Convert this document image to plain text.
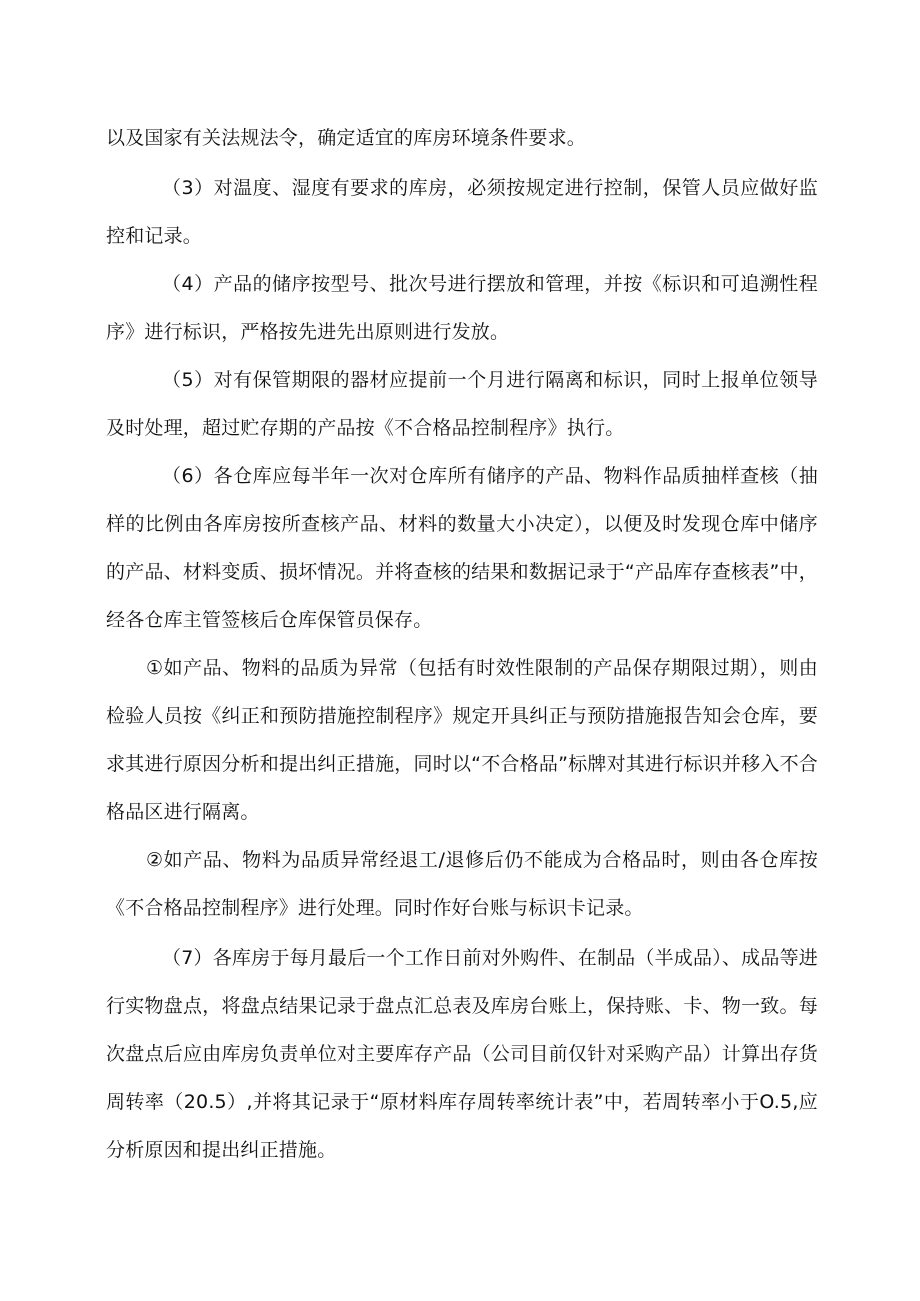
以及国家有关法规法令，确定适宜的库房环境条件要求。

（3）对温度、湿度有要求的库房，必须按规定进行控制，保管人员应做好监控和记录。

（4）产品的储序按型号、批次号进行摆放和管理，并按《标识和可追溯性程序》进行标识，严格按先进先出原则进行发放。

（5）对有保管期限的器材应提前一个月进行隔离和标识，同时上报单位领导及时处理，超过贮存期的产品按《不合格品控制程序》执行。

（6）各仓库应每半年一次对仓库所有储序的产品、物料作品质抽样查核（抽样的比例由各库房按所查核产品、材料的数量大小决定），以便及时发现仓库中储序的产品、材料变质、损坏情况。并将查核的结果和数据记录于“产品库存查核表”中，经各仓库主管签核后仓库保管员保存。

①如产品、物料的品质为异常（包括有时效性限制的产品保存期限过期），则由检验人员按《纠正和预防措施控制程序》规定开具纠正与预防措施报告知会仓库，要求其进行原因分析和提出纠正措施，同时以“不合格品”标牌对其进行标识并移入不合格品区进行隔离。

②如产品、物料为品质异常经退工/退修后仍不能成为合格品时，则由各仓库按《不合格品控制程序》进行处理。同时作好台账与标识卡记录。

（7）各库房于每月最后一个工作日前对外购件、在制品（半成品）、成品等进行实物盘点，将盘点结果记录于盘点汇总表及库房台账上，保持账、卡、物一致。每次盘点后应由库房负责单位对主要库存产品（公司目前仅针对采购产品）计算出存货周转率（20.5）,并将其记录于“原材料库存周转率统计表”中，若周转率小于O.5,应分析原因和提出纠正措施。
